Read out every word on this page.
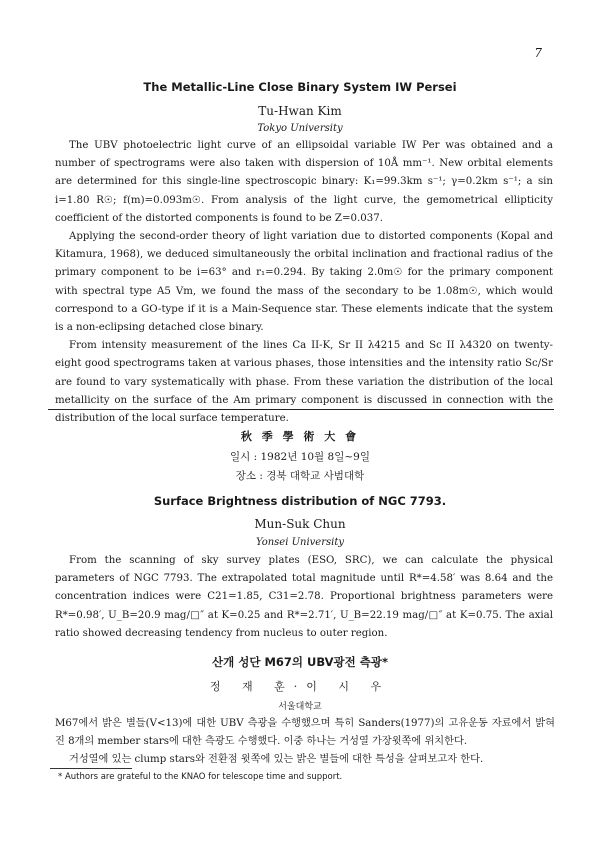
7
The Metallic-Line Close Binary System IW Persei
Tu-Hwan Kim
Tokyo University

The UBV photoelectric light curve of an ellipsoidal variable IW Per was obtained and a number of spectrograms were also taken with dispersion of 10Å mm⁻¹. New orbital elements are determined for this single-line spectroscopic binary: K₁=99.3km s⁻¹; γ=0.2km s⁻¹; a sin i=1.80 R☉; f(m)=0.093m☉. From analysis of the light curve, the gemometrical ellipticity coefficient of the distorted components is found to be Z=0.037.

Applying the second-order theory of light variation due to distorted components (Kopal and Kitamura, 1968), we deduced simultaneously the orbital inclination and fractional radius of the primary component to be i=63° and r₁=0.294. By taking 2.0m☉ for the primary component with spectral type A5 Vm, we found the mass of the secondary to be 1.08m☉, which would correspond to a GO-type if it is a Main-Sequence star. These elements indicate that the system is a non-eclipsing detached close binary.

From intensity measurement of the lines Ca II-K, Sr II λ4215 and Sc II λ4320 on twenty-eight good spectrograms taken at various phases, those intensities and the intensity ratio Sc/Sr are found to vary systematically with phase. From these variation the distribution of the local metallicity on the surface of the Am primary component is discussed in connection with the distribution of the local surface temperature.

秋 季 學 術 大 會
일시 : 1982년 10월 8일~9일
장소 : 경북 대학교 사범대학
Surface Brightness distribution of NGC 7793.
Mun-Suk Chun
Yonsei University

From the scanning of sky survey plates (ESO, SRC), we can calculate the physical parameters of NGC 7793. The extrapolated total magnitude until R*=4.58′ was 8.64 and the concentration indices were C21=1.85, C31=2.78. Proportional brightness parameters were R*=0.98′, U_B=20.9 mag/□″ at K=0.25 and R*=2.71′, U_B=22.19 mag/□″ at K=0.75. The axial ratio showed decreasing tendency from nucleus to outer region.

산개 성단 M67의 UBV광전 측광*
정 재 훈·이 시 우
서울대학교

M67에서 밝은 별들(V<13)에 대한 UBV 측광을 수행했으며 특히 Sanders(1977)의 고유운동 자료에서 밝혀진 8개의 member stars에 대한 측광도 수행했다. 이중 하나는 거성열 가장윗쪽에 위치한다.

거성열에 있는 clump stars와 전환점 윗쪽에 있는 밝은 별들에 대한 특성을 살펴보고자 한다.

* Authors are grateful to the KNAO for telescope time and support.
